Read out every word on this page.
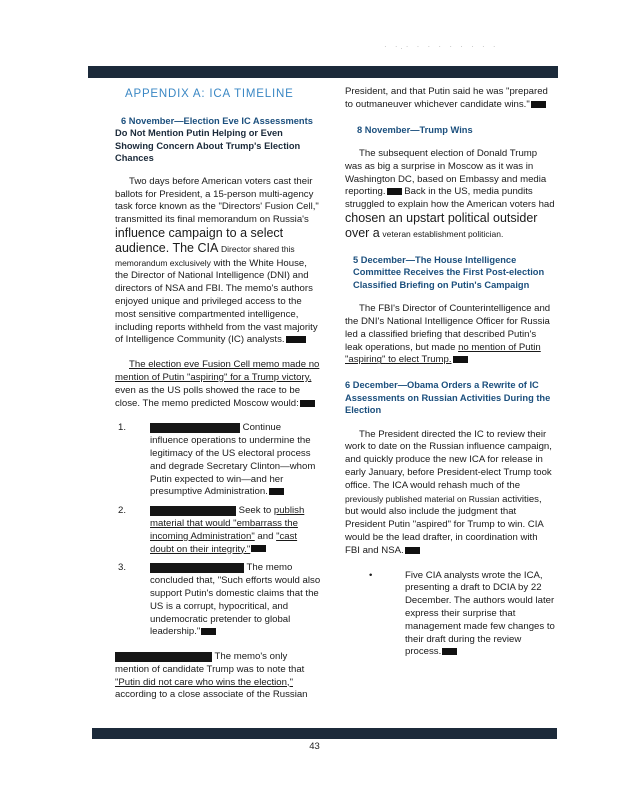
· ·.· · · · · · · · ·
APPENDIX A: ICA TIMELINE
6 November—Election Eve IC Assessments
Do Not Mention Putin Helping or Even Showing Concern About Trump's Election Chances

Two days before American voters cast their ballots for President, a 15-person multi-agency task force known as the "Directors' Fusion Cell," transmitted its final memorandum on Russia's influence campaign to a select audience. The CIA Director shared this memorandum exclusively with the White House, the Director of National Intelligence (DNI) and directors of NSA and FBI. The memo's authors enjoyed unique and privileged access to the most sensitive compartmented intelligence, including reports withheld from the vast majority of Intelligence Community (IC) analysts.

The election eve Fusion Cell memo made no mention of Putin "aspiring" for a Trump victory, even as the US polls showed the race to be close. The memo predicted Moscow would:

1.	Continue influence operations to undermine the legitimacy of the US electoral process and degrade Secretary Clinton—whom Putin expected to win—and her presumptive Administration.
2.	Seek to publish material that would "embarrass the incoming Administration" and "cast doubt on their integrity."
3.	The memo concluded that, "Such efforts would also support Putin's domestic claims that the US is a corrupt, hypocritical, and undemocratic pretender to global leadership."

The memo's only mention of candidate Trump was to note that "Putin did not care who wins the election," according to a close associate of the Russian

President, and that Putin said he was "prepared to outmaneuver whichever candidate wins."

8 November—Trump Wins

The subsequent election of Donald Trump was as big a surprise in Moscow as it was in Washington DC, based on Embassy and media reporting. Back in the US, media pundits struggled to explain how the American voters had chosen an upstart political outsider over a veteran establishment politician.

5 December—The House Intelligence Committee Receives the First Post-election Classified Briefing on Putin's Campaign

The FBI's Director of Counterintelligence and the DNI's National Intelligence Officer for Russia led a classified briefing that described Putin's leak operations, but made no mention of Putin "aspiring" to elect Trump.

6 December—Obama Orders a Rewrite of IC Assessments on Russian Activities During the Election

The President directed the IC to review their work to date on the Russian influence campaign, and quickly produce the new ICA for release in early January, before President-elect Trump took office. The ICA would rehash much of the previously published material on Russian activities, but would also include the judgment that President Putin "aspired" for Trump to win. CIA would be the lead drafter, in coordination with FBI and NSA.

•	Five CIA analysts wrote the ICA, presenting a draft to DCIA by 22 December. The authors would later express their surprise that management made few changes to their draft during the review process.
43
